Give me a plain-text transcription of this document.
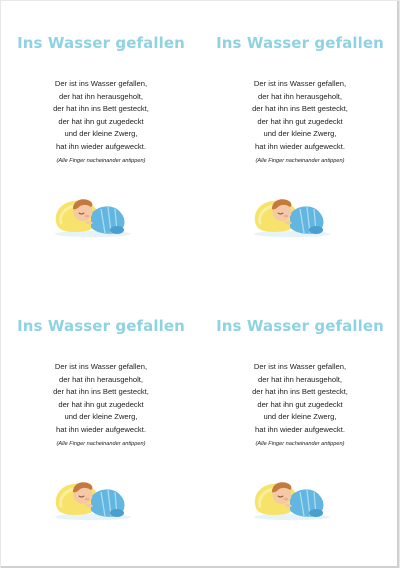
Ins Wasser gefallen
Der ist ins Wasser gefallen,
der hat ihn herausgeholt,
der hat ihn ins Bett gesteckt,
der hat ihn gut zugedeckt
und der kleine Zwerg,
hat ihn wieder aufgeweckt.
(Alle Finger nacheinander antippen)
Ins Wasser gefallen
Der ist ins Wasser gefallen,
der hat ihn herausgeholt,
der hat ihn ins Bett gesteckt,
der hat ihn gut zugedeckt
und der kleine Zwerg,
hat ihn wieder aufgeweckt.
(Alle Finger nacheinander antippen)
Ins Wasser gefallen
Der ist ins Wasser gefallen,
der hat ihn herausgeholt,
der hat ihn ins Bett gesteckt,
der hat ihn gut zugedeckt
und der kleine Zwerg,
hat ihn wieder aufgeweckt.
(Alle Finger nacheinander antippen)
Ins Wasser gefallen
Der ist ins Wasser gefallen,
der hat ihn herausgeholt,
der hat ihn ins Bett gesteckt,
der hat ihn gut zugedeckt
und der kleine Zwerg,
hat ihn wieder aufgeweckt.
(Alle Finger nacheinander antippen)
